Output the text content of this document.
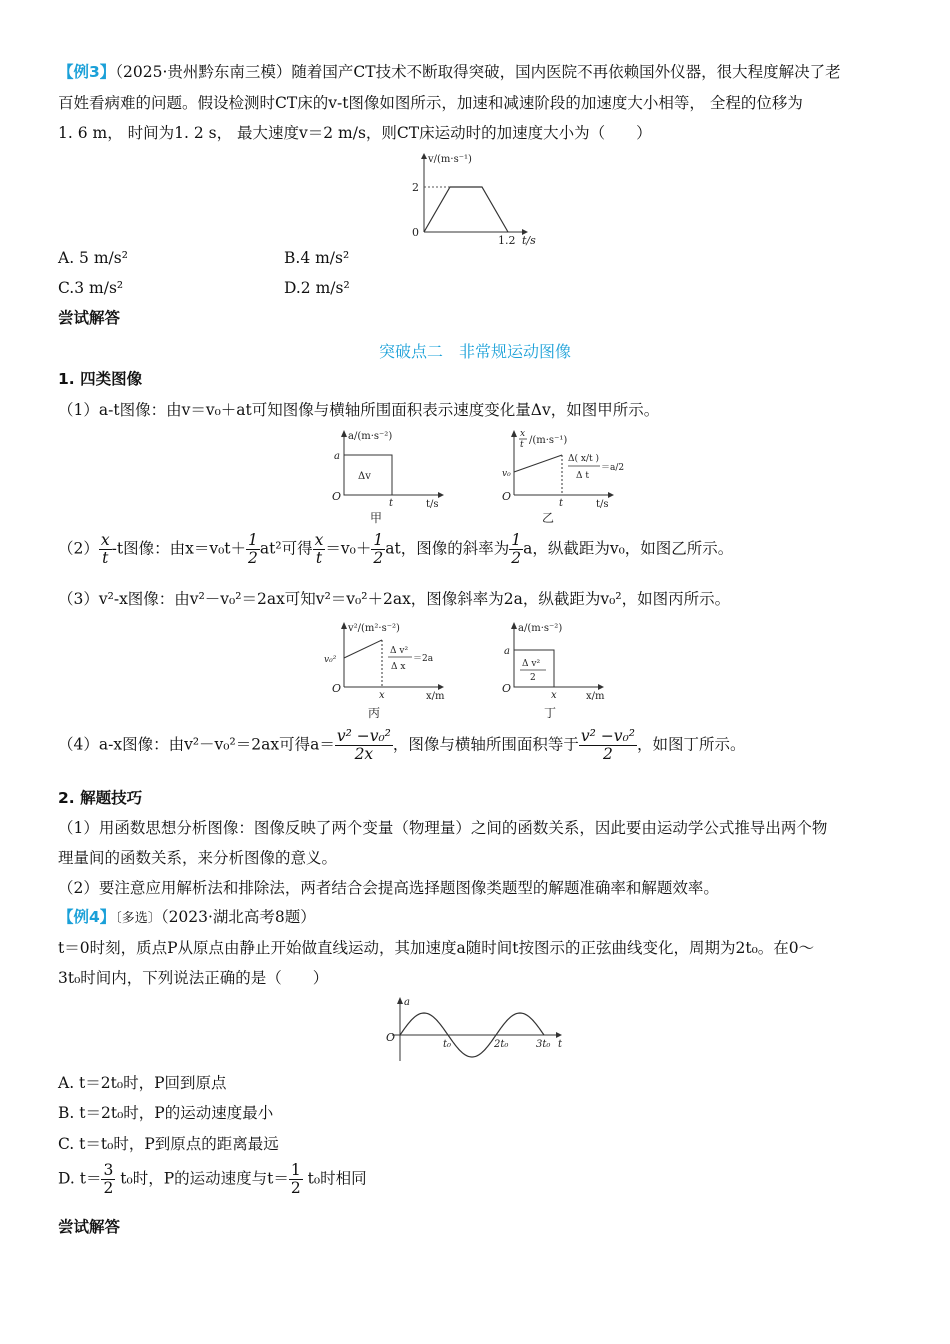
【例3】（2025·贵州黔东南三模）随着国产CT技术不断取得突破，国内医院不再依赖国外仪器，很大程度解决了老
百姓看病难的问题。假设检测时CT床的v-t图像如图所示，加速和减速阶段的加速度大小相等， 全程的位移为
1. 6 m， 时间为1. 2 s， 最大速度v＝2 m/s，则CT床运动时的加速度大小为（　　）
v/(m·s⁻¹)
2
0
1.2 t/s
A. 5 m/s²	B.4 m/s²
C.3 m/s²	D.2 m/s²
尝试解答
突破点二　非常规运动图像
1. 四类图像
（1）a-t图像：由v＝v₀＋at可知图像与横轴所围面积表示速度变化量Δv，如图甲所示。
a/(m·s⁻²)
a
Δv
O
t	t/s
甲
x
t /(m·s⁻¹)
v₀
Δ( x/t )
Δ t
＝a/2
O
t	t/s
乙
$(2) \frac{x}{t} -t$图像：由$x=v_0t+ \frac{1}{2} at^2$可得 $\frac{x}{t} =v_0+ \frac{1}{2}$ at，图像的斜率为 $\frac{1}{2}$ a，纵截距为v₀，如图乙所示。
（3）v²-x图像：由v²－v₀²＝2ax可知v²＝v₀²＋2ax，图像斜率为2a，纵截距为v₀²，如图丙所示。
v²/(m²·s⁻²)
v₀²
Δ v²
Δ x
＝2a
O
x	x/m
丙
a/(m·s⁻²)
a
Δ v²
2
O
x	x/m
丁
（4）a-x图像：由v²－v₀²＝2ax可得$a= \frac{\text{v² −v₀²}}{2x}$ ，图像与横轴所围面积等于 $\frac{\text{v² −v₀²}}{2}$ ，如图丁所示。
2. 解题技巧
（1）用函数思想分析图像：图像反映了两个变量（物理量）之间的函数关系，因此要由运动学公式推导出两个物
理量间的函数关系，来分析图像的意义。
（2）要注意应用解析法和排除法，两者结合会提高选择题图像类题型的解题准确率和解题效率。
【例4】〔多选〕（2023·湖北高考8题）
t＝0时刻，质点P从原点由静止开始做直线运动，其加速度a随时间t按图示的正弦曲线变化，周期为2t₀。在0～
3t₀时间内，下列说法正确的是（　　）
a
O
t₀	2t₀	3t₀ t
A. t＝2t₀时，P回到原点
B. t＝2t₀时，P的运动速度最小
C. t＝t₀时，P到原点的距离最远
D. $t= \frac{3}{2} t_0$时，P的运动速度与$t= \frac{1}{2} t_0$时相同
尝试解答
